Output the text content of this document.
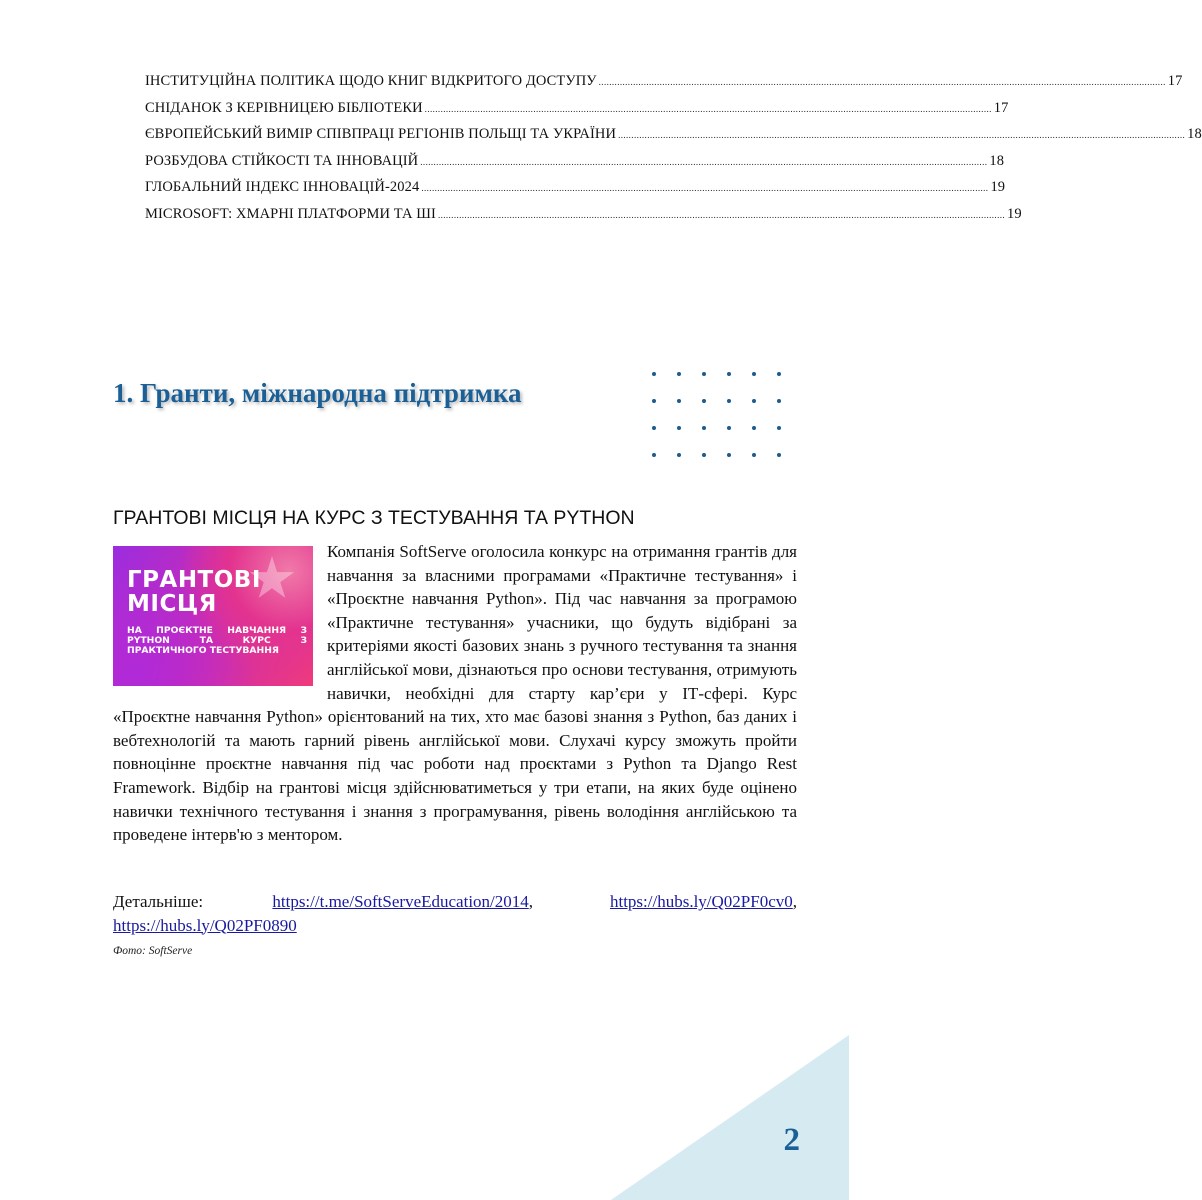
ІНСТИТУЦІЙНА ПОЛІТИКА ЩОДО КНИГ ВІДКРИТОГО ДОСТУПУ ...................................................................................................................................................................................................................... 17
СНІДАНОК З КЕРІВНИЦЕЮ БІБЛІОТЕКИ ...................................................................................................................................................................................................................... 17
ЄВРОПЕЙСЬКИЙ ВИМІР СПІВПРАЦІ РЕГІОНІВ ПОЛЬЩІ ТА УКРАЇНИ ...................................................................................................................................................................................................................... 18
РОЗБУДОВА СТІЙКОСТІ ТА ІННОВАЦІЙ ...................................................................................................................................................................................................................... 18
ГЛОБАЛЬНИЙ ІНДЕКС ІННОВАЦІЙ-2024 ...................................................................................................................................................................................................................... 19
MICROSOFT: ХМАРНІ ПЛАТФОРМИ ТА ШІ ...................................................................................................................................................................................................................... 19
1. Гранти, міжнародна підтримка
ГРАНТОВІ МІСЦЯ НА КУРС З ТЕСТУВАННЯ ТА PYTHON

ГРАНТОВІ МІСЦЯ
НА ПРОЄКТНЕ НАВЧАННЯ З PYTHON ТА КУРС З ПРАКТИЧНОГО ТЕСТУВАННЯ
Компанія SoftServe оголосила конкурс на отримання грантів для навчання за власними програмами «Практичне тестування» і «Проєктне навчання Python». Під час навчання за програмою «Практичне тестування» учасники, що будуть відібрані за критеріями якості базових знань з ручного тестування та знання англійської мови, дізнаються про основи тестування, отримують навички, необхідні для старту кар’єри у ІТ-сфері. Курс «Проєктне навчання Python» орієнтований на тих, хто має базові знання з Python, баз даних і вебтехнологій та мають гарний рівень англійської мови. Слухачі курсу зможуть пройти повноцінне проєктне навчання під час роботи над проєктами з Python та Django Rest Framework. Відбір на грантові місця здійснюватиметься у три етапи, на яких буде оцінено навички технічного тестування і знання з програмування, рівень володіння англійською та проведене інтерв'ю з ментором.

Детальніше:	https://t.me/SoftServeEducation/2014,	https://hubs.ly/Q02PF0cv0, https://hubs.ly/Q02PF0890

Фото: SoftServe
2
